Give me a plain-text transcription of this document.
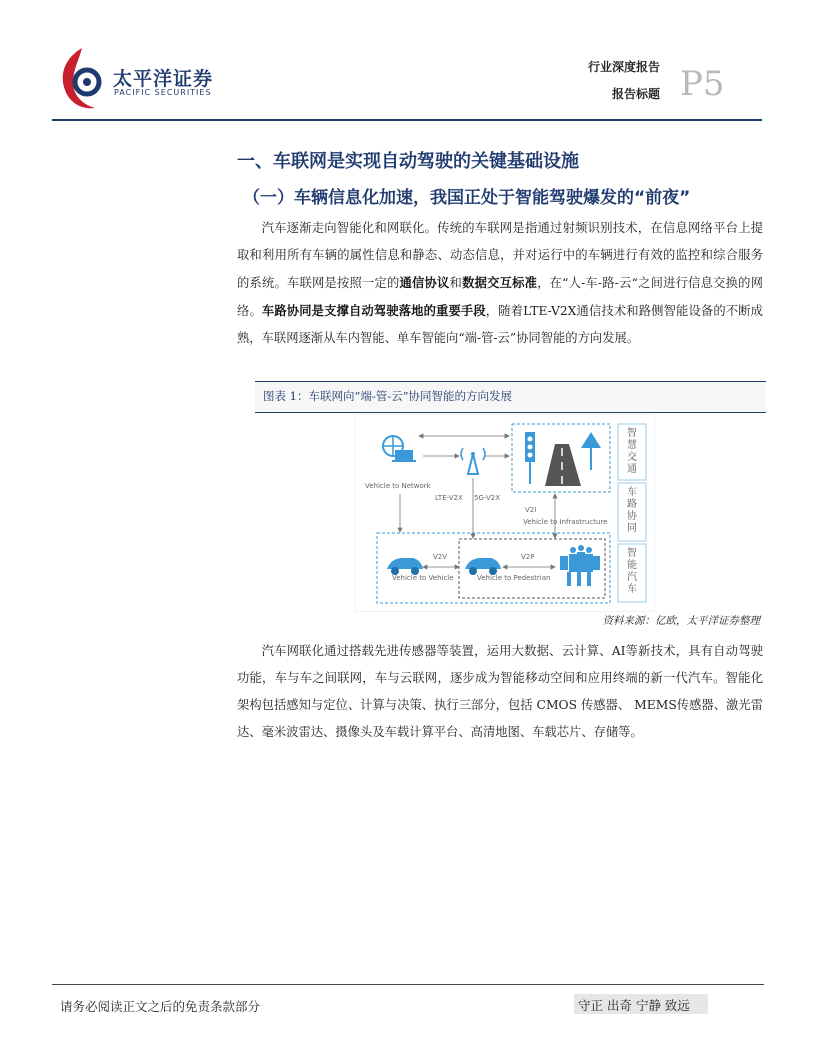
太平洋证券
PACIFIC SECURITIES
行业深度报告
报告标题 P5
一、车联网是实现自动驾驶的关键基础设施
（一）车辆信息化加速，我国正处于智能驾驶爆发的“前夜”
汽车逐渐走向智能化和网联化。传统的车联网是指通过射频识别技术，在信息网络平台上提取和利用所有车辆的属性信息和静态、动态信息，并对运行中的车辆进行有效的监控和综合服务的系统。车联网是按照一定的通信协议和数据交互标准，在“人-车-路-云“之间进行信息交换的网络。车路协同是支撑自动驾驶落地的重要手段，随着LTE-V2X通信技术和路侧智能设备的不断成熟，车联网逐渐从车内智能、单车智能向“端-管-云”协同智能的方向发展。
图表 1：车联网向“端-管-云”协同智能的方向发展
智慧交通
车路协同
智能汽车
Vehicle to Network
LTE-V2X 5G-V2X
V2I
Vehicle to Infrastructure
V2V
Vehicle to Vehicle
V2P
Vehicle to Pedestrian
资料来源：亿欧，太平洋证券整理
汽车网联化通过搭载先进传感器等装置，运用大数据、云计算、AI等新技术，具有自动驾驶功能，车与车之间联网，车与云联网，逐步成为智能移动空间和应用终端的新一代汽车。智能化架构包括感知与定位、计算与决策、执行三部分，包括 CMOS 传感器、 MEMS传感器、激光雷达、毫米波雷达、摄像头及车载计算平台、高清地图、车载芯片、存储等。
请务必阅读正文之后的免责条款部分	守正 出奇 宁静 致远
